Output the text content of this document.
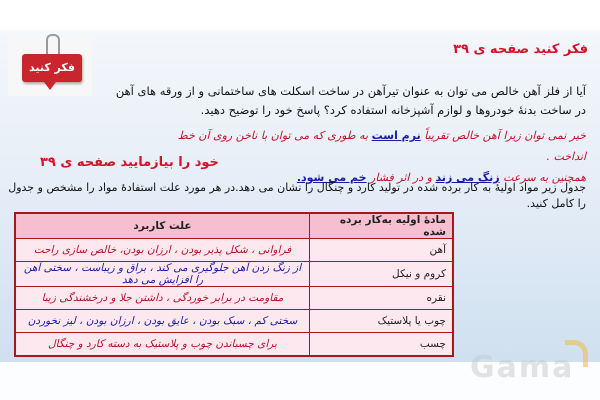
فکر کنید
فکر کنید صفحه ی ۳۹
آیا از فلز آهن خالص می توان به عنوان تیرآهن در ساخت اسکلت های ساختمانی و از ورقه های آهن در ساخت بدنهٔ خودروها و لوازم آشپزخانه استفاده کرد؟ پاسخ خود را توضیح دهید.
خیر نمی توان زیرا آهن خالص تقریباً نرم است به طوری که می توان با ناخن روی آن خط انداخت .
همچنین به سرعت زنگ می زند و در اثر فشار خم می شود.
خود را بیازمایید صفحه ی ۳۹
جدول زیر مواد اولیهٔ به کار برده شده در تولید کارد و چنگال را نشان می دهد.در هر مورد علت استفادهٔ مواد را مشخص و جدول را کامل کنید.
مادهٔ اولیه به‌کار برده شده	علت کاربرد
آهن	فراوانی ، شکل پذیر بودن ، ارزان بودن، خالص سازی راحت
کروم و نیکل	از زنگ زدن آهن جلوگیری می کند ، براق و زیباست ، سختی آهن را افزایش می دهد
نقره	مقاومت در برابر خوردگی ، داشتن جلا و درخشندگی زیبا
چوب یا پلاستیک	سختی کم ، سبک بودن ، عایق بودن ، ارزان بودن ، لیز نخوردن
چسب	برای چسباندن چوب و پلاستیک به دسته کارد و چنگال
Gama
